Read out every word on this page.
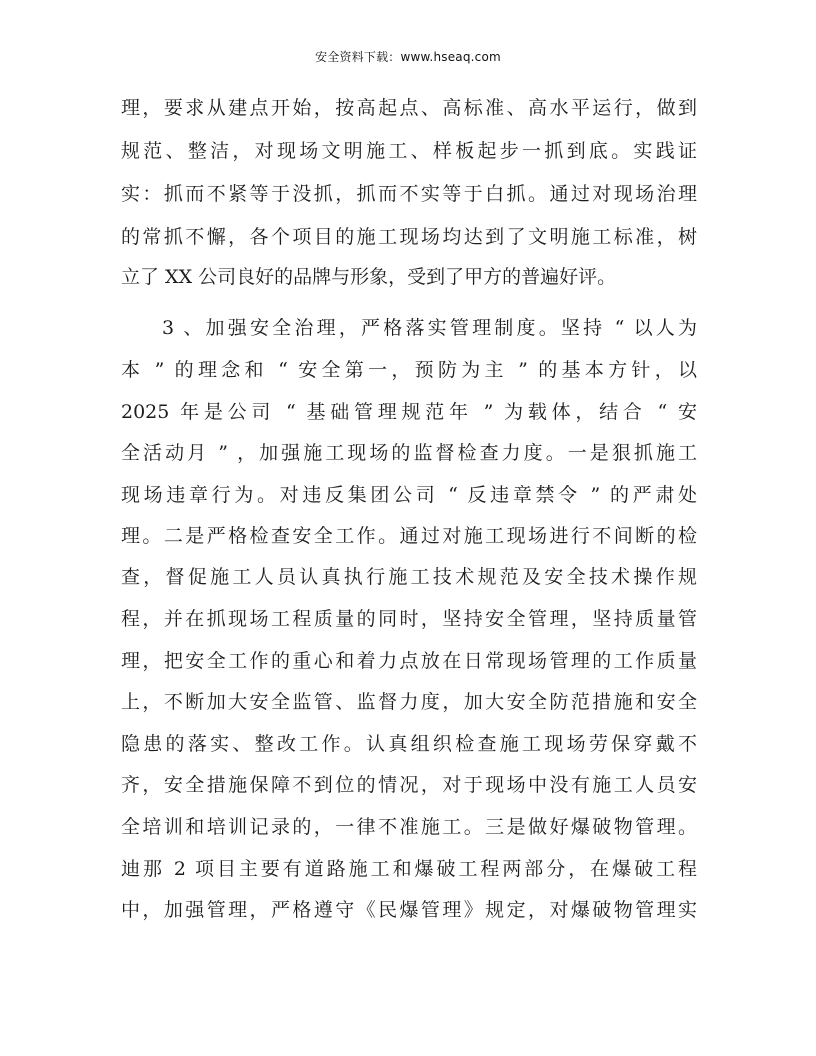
安全资料下载：www.hseaq.com
理，要求从建点开始，按高起点、高标准、高水平运行，做到
规范、整洁，对现场文明施工、样板起步一抓到底。实践证
实：抓而不紧等于没抓，抓而不实等于白抓。通过对现场治理
的常抓不懈，各个项目的施工现场均达到了文明施工标准，树
立了 XX 公司良好的品牌与形象，受到了甲方的普遍好评。
3 、加强安全治理，严格落实管理制度。坚持 “ 以人为
本 ” 的理念和 “ 安全第一，预防为主 ” 的基本方针，以
2025 年是公司 “ 基础管理规范年 ” 为载体，结合 “ 安
全活动月 ” ，加强施工现场的监督检查力度。一是狠抓施工
现场违章行为。对违反集团公司 “ 反违章禁令 ” 的严肃处
理。二是严格检查安全工作。通过对施工现场进行不间断的检
查，督促施工人员认真执行施工技术规范及安全技术操作规
程，并在抓现场工程质量的同时，坚持安全管理，坚持质量管
理，把安全工作的重心和着力点放在日常现场管理的工作质量
上，不断加大安全监管、监督力度，加大安全防范措施和安全
隐患的落实、整改工作。认真组织检查施工现场劳保穿戴不
齐，安全措施保障不到位的情况，对于现场中没有施工人员安
全培训和培训记录的，一律不准施工。三是做好爆破物管理。
迪那 2 项目主要有道路施工和爆破工程两部分，在爆破工程
中，加强管理，严格遵守《民爆管理》规定，对爆破物管理实
